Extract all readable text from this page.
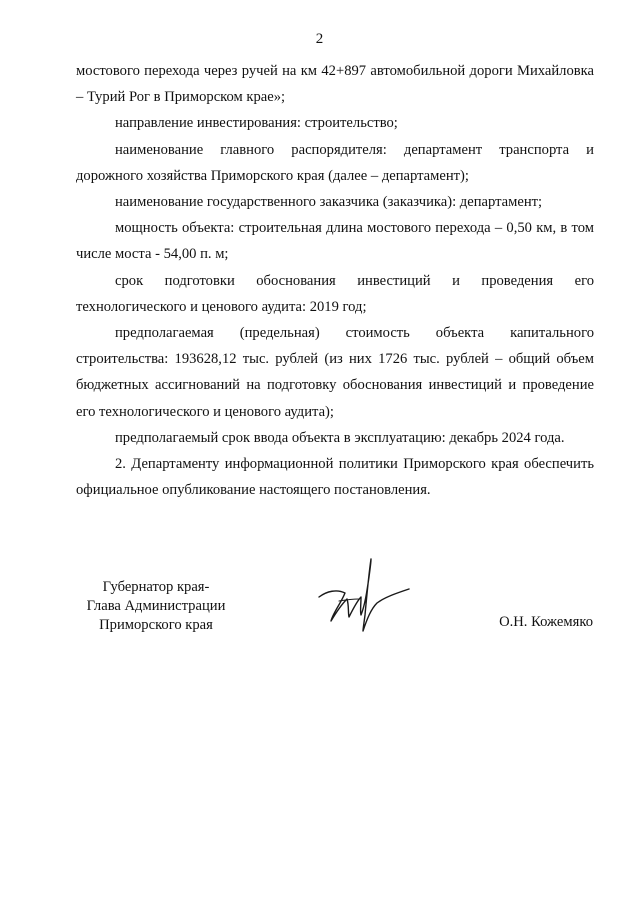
2

мостового перехода через ручей на км 42+897 автомобильной дороги Михайловка – Турий Рог в Приморском крае»;

направление инвестирования: строительство;

наименование главного распорядителя: департамент транспорта и дорожного хозяйства Приморского края (далее – департамент);

наименование государственного заказчика (заказчика): департамент;

мощность объекта: строительная длина мостового перехода – 0,50 км, в том числе моста - 54,00 п. м;

срок подготовки обоснования инвестиций и проведения его технологического и ценового аудита: 2019 год;

предполагаемая (предельная) стоимость объекта капитального строительства: 193628,12 тыс. рублей (из них 1726 тыс. рублей – общий объем бюджетных ассигнований на подготовку обоснования инвестиций и проведение его технологического и ценового аудита);

предполагаемый срок ввода объекта в эксплуатацию: декабрь 2024 года.

2. Департаменту информационной политики Приморского края обеспечить официальное опубликование настоящего постановления.

Губернатор края-
Глава Администрации
Приморского края	О.Н. Кожемяко
